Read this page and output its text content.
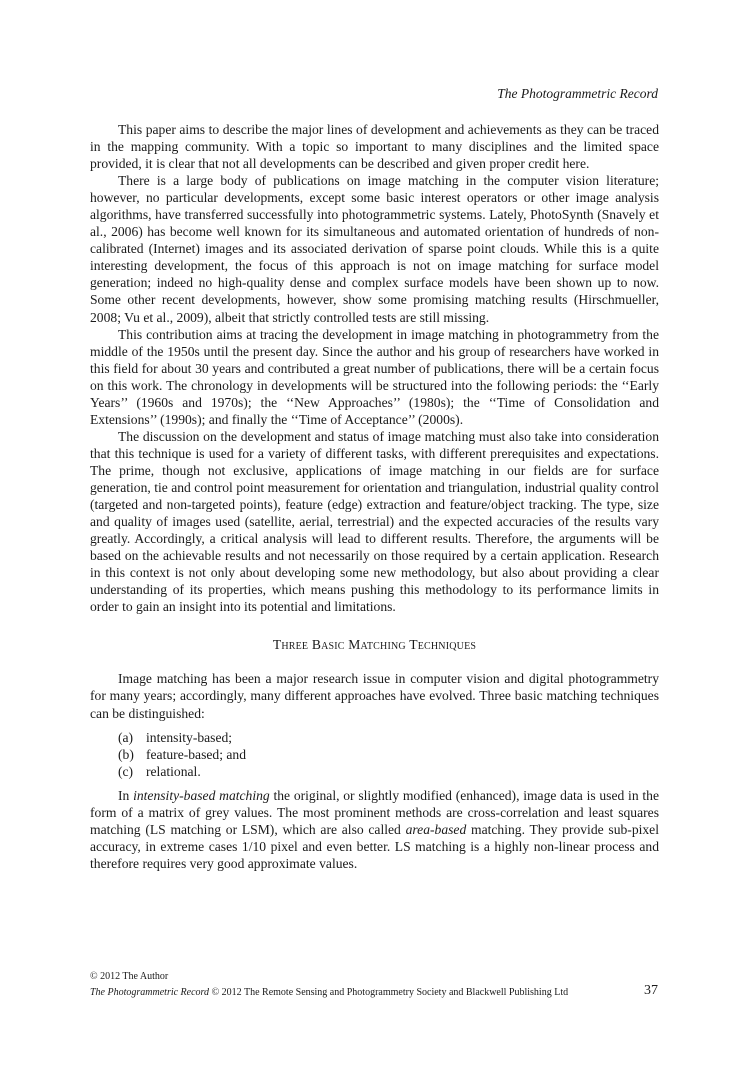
The Photogrammetric Record

This paper aims to describe the major lines of development and achievements as they can be traced in the mapping community. With a topic so important to many disciplines and the limited space provided, it is clear that not all developments can be described and given proper credit here.

There is a large body of publications on image matching in the computer vision literature; however, no particular developments, except some basic interest operators or other image analysis algorithms, have transferred successfully into photogrammetric systems. Lately, PhotoSynth (Snavely et al., 2006) has become well known for its simultaneous and automated orientation of hundreds of non-calibrated (Internet) images and its associated derivation of sparse point clouds. While this is a quite interesting development, the focus of this approach is not on image matching for surface model generation; indeed no high-quality dense and complex surface models have been shown up to now. Some other recent developments, however, show some promising matching results (Hirschmueller, 2008; Vu et al., 2009), albeit that strictly controlled tests are still missing.

This contribution aims at tracing the development in image matching in photogrammetry from the middle of the 1950s until the present day. Since the author and his group of researchers have worked in this field for about 30 years and contributed a great number of publications, there will be a certain focus on this work. The chronology in developments will be structured into the following periods: the ‘‘Early Years’’ (1960s and 1970s); the ‘‘New Approaches’’ (1980s); the ‘‘Time of Consolidation and Extensions’’ (1990s); and finally the ‘‘Time of Acceptance’’ (2000s).

The discussion on the development and status of image matching must also take into consideration that this technique is used for a variety of different tasks, with different prerequisites and expectations. The prime, though not exclusive, applications of image matching in our fields are for surface generation, tie and control point measurement for orientation and triangulation, industrial quality control (targeted and non-targeted points), feature (edge) extraction and feature/object tracking. The type, size and quality of images used (satellite, aerial, terrestrial) and the expected accuracies of the results vary greatly. Accordingly, a critical analysis will lead to different results. Therefore, the arguments will be based on the achievable results and not necessarily on those required by a certain application. Research in this context is not only about developing some new methodology, but also about providing a clear understanding of its properties, which means pushing this methodology to its performance limits in order to gain an insight into its potential and limitations.

Three Basic Matching Techniques

Image matching has been a major research issue in computer vision and digital photogrammetry for many years; accordingly, many different approaches have evolved. Three basic matching techniques can be distinguished:

(a) intensity-based;
(b) feature-based; and
(c) relational.

In intensity-based matching the original, or slightly modified (enhanced), image data is used in the form of a matrix of grey values. The most prominent methods are cross-correlation and least squares matching (LS matching or LSM), which are also called area-based matching. They provide sub-pixel accuracy, in extreme cases 1/10 pixel and even better. LS matching is a highly non-linear process and therefore requires very good approximate values.

© 2012 The Author
The Photogrammetric Record © 2012 The Remote Sensing and Photogrammetry Society and Blackwell Publishing Ltd	37
